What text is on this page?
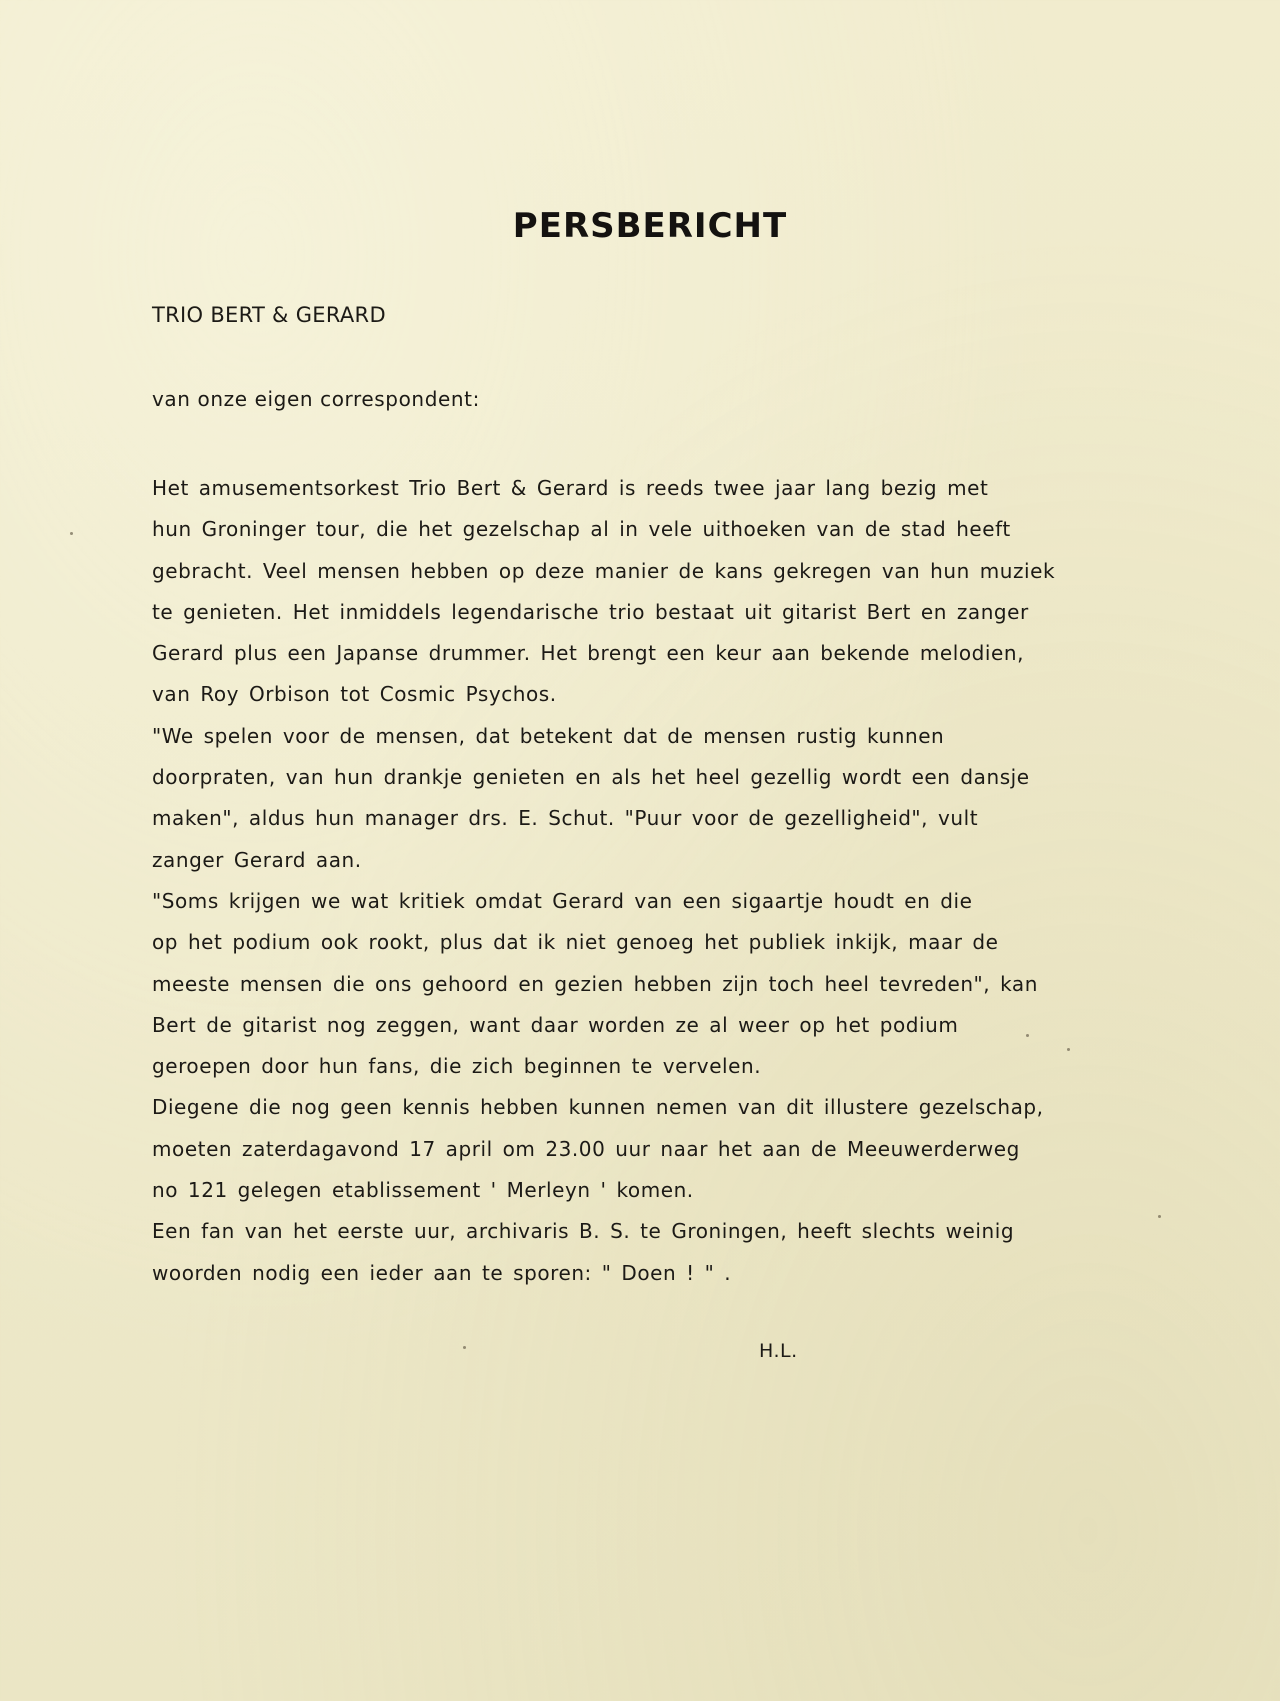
PERSBERICHT

TRIO BERT & GERARD

van onze eigen correspondent:

Het amusementsorkest Trio Bert & Gerard is reeds twee jaar lang bezig met
hun Groninger tour, die het gezelschap al in vele uithoeken van de stad heeft
gebracht. Veel mensen hebben op deze manier de kans gekregen van hun muziek
te genieten. Het inmiddels legendarische trio bestaat uit gitarist Bert en zanger
Gerard plus een Japanse drummer. Het brengt een keur aan bekende melodien,
van Roy Orbison tot Cosmic Psychos.
"We spelen voor de mensen, dat betekent dat de mensen rustig kunnen
doorpraten, van hun drankje genieten en als het heel gezellig wordt een dansje
maken", aldus hun manager drs. E. Schut. "Puur voor de gezelligheid", vult
zanger Gerard aan.
"Soms krijgen we wat kritiek omdat Gerard van een sigaartje houdt en die
op het podium ook rookt, plus dat ik niet genoeg het publiek inkijk, maar de
meeste mensen die ons gehoord en gezien hebben zijn toch heel tevreden", kan
Bert de gitarist nog zeggen, want daar worden ze al weer op het podium
geroepen door hun fans, die zich beginnen te vervelen.
Diegene die nog geen kennis hebben kunnen nemen van dit illustere gezelschap,
moeten zaterdagavond 17 april om 23.00 uur naar het aan de Meeuwerderweg
no 121 gelegen etablissement ' Merleyn ' komen.
Een fan van het eerste uur, archivaris B. S. te Groningen, heeft slechts weinig
woorden nodig een ieder aan te sporen: " Doen ! " .

H.L.
